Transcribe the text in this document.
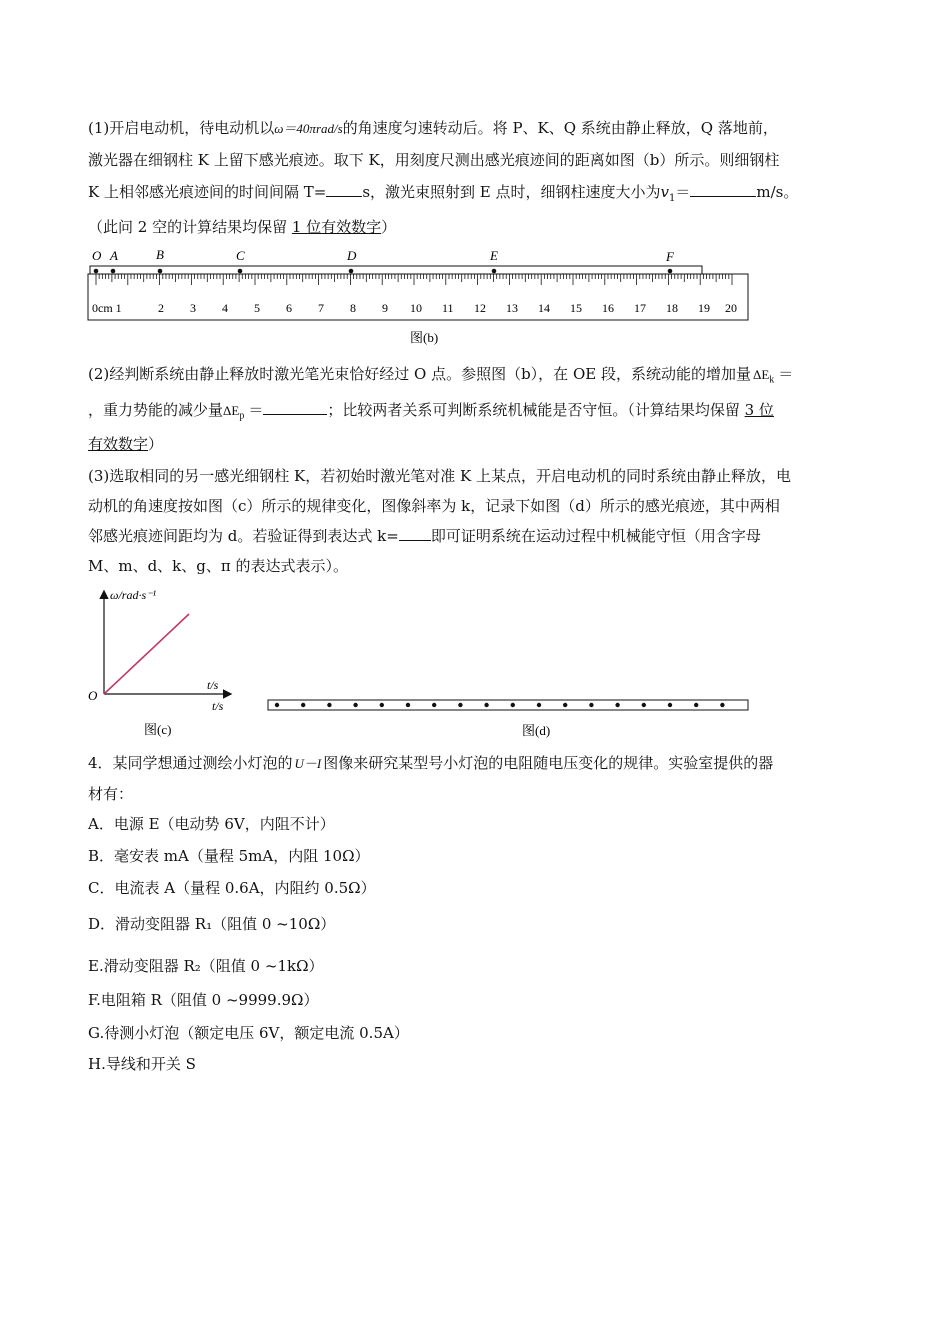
(1)开启电动机，待电动机以ω＝40πrad/s的角速度匀速转动后。将 P、K、Q 系统由静止释放，Q 落地前，
激光器在细钢柱 K 上留下感光痕迹。取下 K，用刻度尺测出感光痕迹间的距离如图（b）所示。则细钢柱
K 上相邻感光痕迹间的时间间隔 T= s，激光束照射到 E 点时，细钢柱速度大小为$v_1=$	m/s。
（此问 2 空的计算结果均保留 1 位有效数字）
O A	B	C	D	E	F
0cm 1	2 3 4 5 6 7 8 9 10 11 12 13 14 15 16 17 18 19 20
图(b)
(2)经判断系统由静止释放时激光笔光束恰好经过 O 点。参照图（b），在 OE 段，系统动能的增加量 $\Delta E_k$ ＝
，重力势能的减少量$\Delta E_p$ ＝	；比较两者关系可判断系统机械能是否守恒。（计算结果均保留 3 位
有效数字）
(3)选取相同的另一感光细钢柱 K，若初始时激光笔对准 K 上某点，开启电动机的同时系统由静止释放，电
动机的角速度按如图（c）所示的规律变化，图像斜率为 k，记录下如图（d）所示的感光痕迹，其中两相
邻感光痕迹间距均为 d。若验证得到表达式 k= 即可证明系统在运动过程中机械能守恒（用含字母
M、m、d、k、g、π 的表达式表示）。
ω/rad·s⁻¹
t/s
O
t/s
图(c)	图(d)
4．某同学想通过测绘小灯泡的 U－I 图像来研究某型号小灯泡的电阻随电压变化的规律。实验室提供的器
材有：
A．电源 E（电动势 6V，内阻不计）
B．毫安表 mA（量程 5mA，内阻 10Ω）
C．电流表 A（量程 0.6A，内阻约 0.5Ω）
D．滑动变阻器 R₁（阻值 0 ~10Ω）
E.滑动变阻器 R₂（阻值 0 ~1kΩ）
F.电阻箱 R（阻值 0 ~9999.9Ω）
G.待测小灯泡（额定电压 6V，额定电流 0.5A）
H.导线和开关 S
